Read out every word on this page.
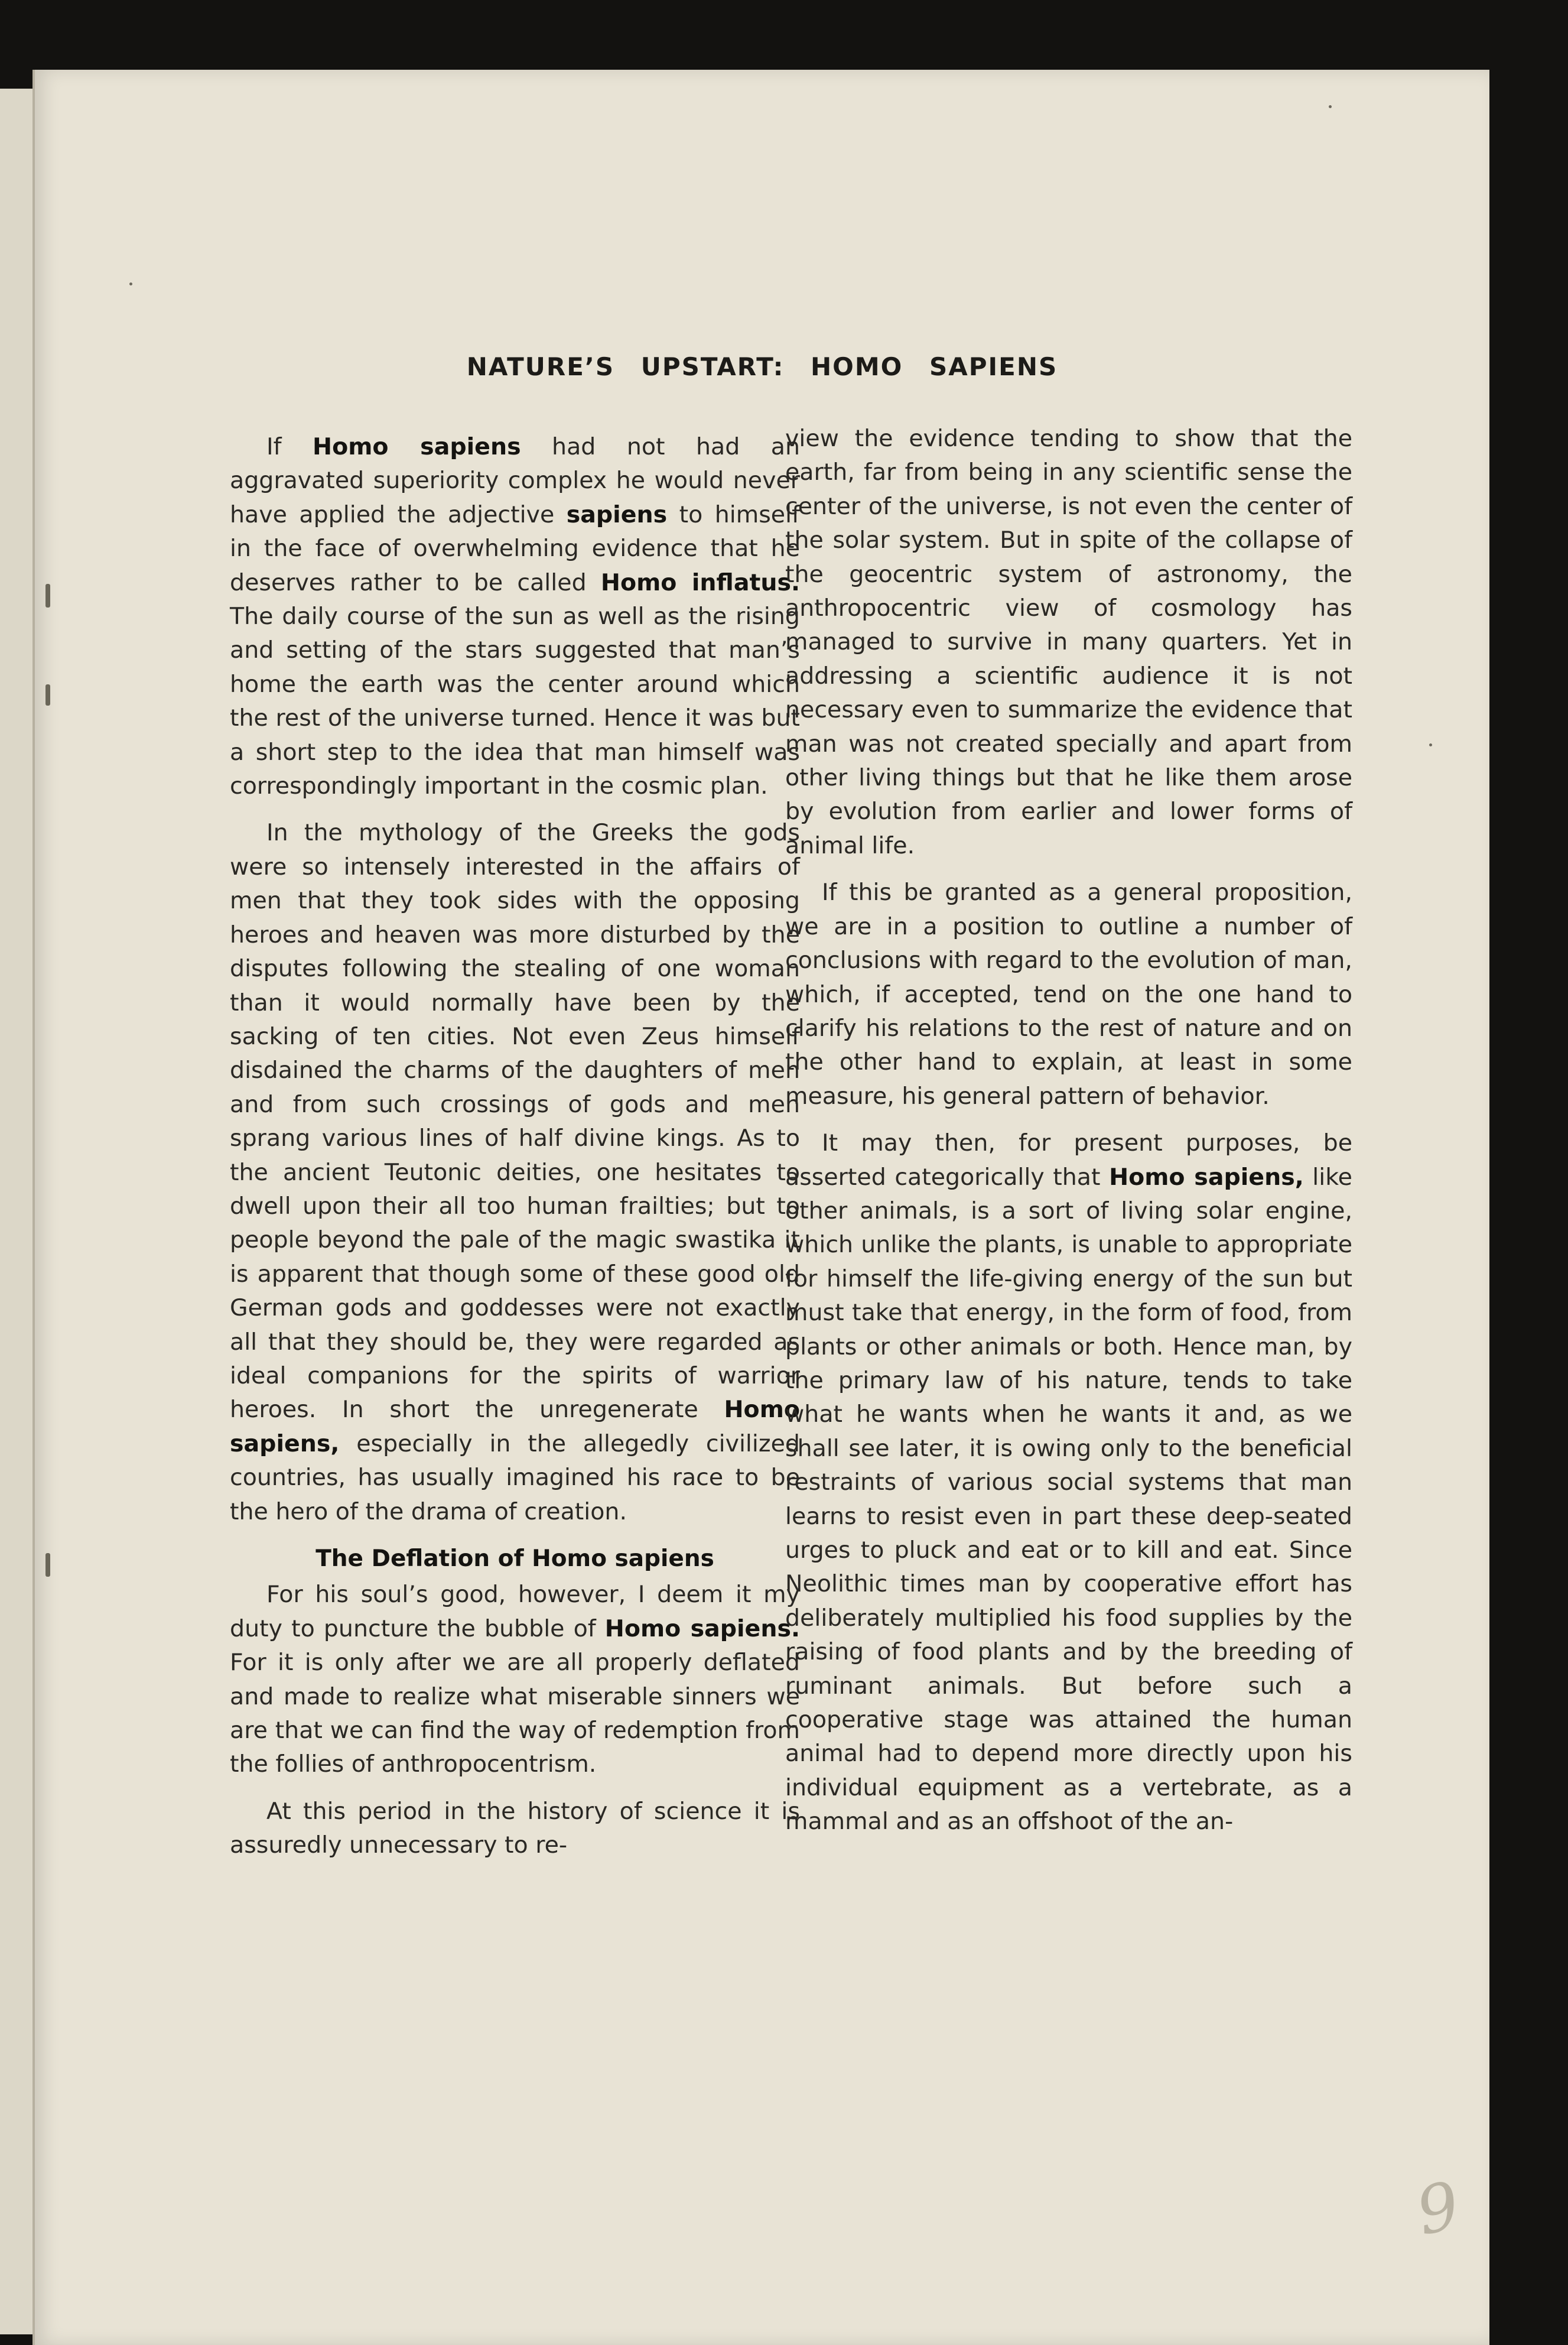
NATURE’S UPSTART: HOMO SAPIENS

If Homo sapiens had not had an aggravated superiority complex he would never have applied the adjective sapiens to himself in the face of overwhelming evidence that he deserves rather to be called Homo inflatus. The daily course of the sun as well as the rising and setting of the stars suggested that man’s home the earth was the center around which the rest of the universe turned. Hence it was but a short step to the idea that man himself was correspondingly important in the cosmic plan.

In the mythology of the Greeks the gods were so intensely interested in the affairs of men that they took sides with the opposing heroes and heaven was more disturbed by the disputes following the stealing of one woman than it would normally have been by the sacking of ten cities. Not even Zeus himself disdained the charms of the daughters of men and from such crossings of gods and men sprang various lines of half divine kings. As to the ancient Teutonic deities, one hesitates to dwell upon their all too human frailties; but to people beyond the pale of the magic swastika it is apparent that though some of these good old German gods and goddesses were not exactly all that they should be, they were regarded as ideal companions for the spirits of warrior heroes. In short the unregenerate Homo sapiens, especially in the allegedly civilized countries, has usually imagined his race to be the hero of the drama of creation.

The Deflation of Homo sapiens

For his soul’s good, however, I deem it my duty to puncture the bubble of Homo sapiens. For it is only after we are all properly deflated and made to realize what miserable sinners we are that we can find the way of redemption from the follies of anthropocentrism.

At this period in the history of science it is assuredly unnecessary to re-

view the evidence tending to show that the earth, far from being in any scientific sense the center of the universe, is not even the center of the solar system. But in spite of the collapse of the geocentric system of astronomy, the anthropocentric view of cosmology has managed to survive in many quarters. Yet in addressing a scientific audience it is not necessary even to summarize the evidence that man was not created specially and apart from other living things but that he like them arose by evolution from earlier and lower forms of animal life.

If this be granted as a general proposition, we are in a position to outline a number of conclusions with regard to the evolution of man, which, if accepted, tend on the one hand to clarify his relations to the rest of nature and on the other hand to explain, at least in some measure, his general pattern of behavior.

It may then, for present purposes, be asserted categorically that Homo sapiens, like other animals, is a sort of living solar engine, which unlike the plants, is unable to appropriate for himself the life-giving energy of the sun but must take that energy, in the form of food, from plants or other animals or both. Hence man, by the primary law of his nature, tends to take what he wants when he wants it and, as we shall see later, it is owing only to the beneficial restraints of various social systems that man learns to resist even in part these deep-seated urges to pluck and eat or to kill and eat. Since Neolithic times man by cooperative effort has deliberately multiplied his food supplies by the raising of food plants and by the breeding of ruminant animals. But before such a cooperative stage was attained the human animal had to depend more directly upon his individual equipment as a vertebrate, as a mammal and as an offshoot of the an-

9
